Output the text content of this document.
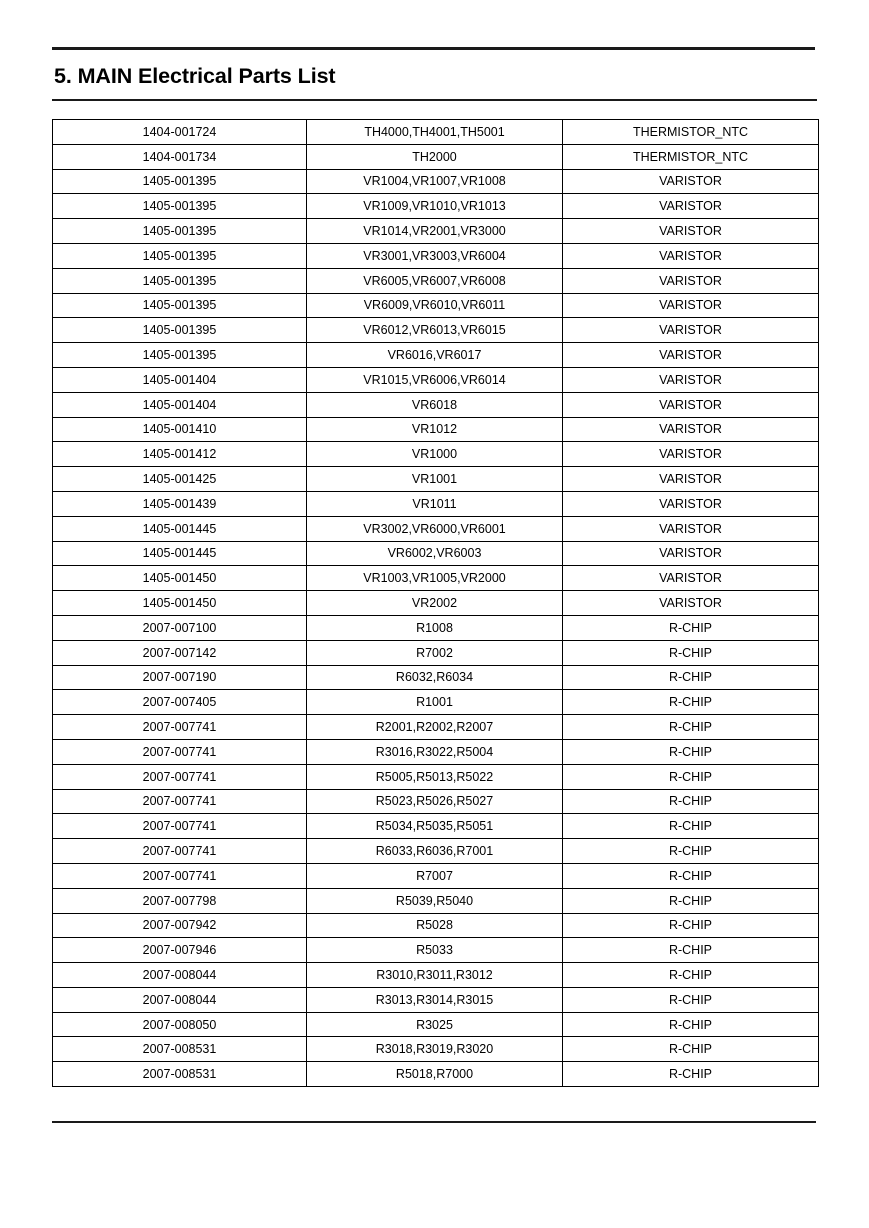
5. MAIN Electrical Parts List
1404-001724	TH4000,TH4001,TH5001	THERMISTOR_NTC
1404-001734	TH2000	THERMISTOR_NTC
1405-001395	VR1004,VR1007,VR1008	VARISTOR
1405-001395	VR1009,VR1010,VR1013	VARISTOR
1405-001395	VR1014,VR2001,VR3000	VARISTOR
1405-001395	VR3001,VR3003,VR6004	VARISTOR
1405-001395	VR6005,VR6007,VR6008	VARISTOR
1405-001395	VR6009,VR6010,VR6011	VARISTOR
1405-001395	VR6012,VR6013,VR6015	VARISTOR
1405-001395	VR6016,VR6017	VARISTOR
1405-001404	VR1015,VR6006,VR6014	VARISTOR
1405-001404	VR6018	VARISTOR
1405-001410	VR1012	VARISTOR
1405-001412	VR1000	VARISTOR
1405-001425	VR1001	VARISTOR
1405-001439	VR1011	VARISTOR
1405-001445	VR3002,VR6000,VR6001	VARISTOR
1405-001445	VR6002,VR6003	VARISTOR
1405-001450	VR1003,VR1005,VR2000	VARISTOR
1405-001450	VR2002	VARISTOR
2007-007100	R1008	R-CHIP
2007-007142	R7002	R-CHIP
2007-007190	R6032,R6034	R-CHIP
2007-007405	R1001	R-CHIP
2007-007741	R2001,R2002,R2007	R-CHIP
2007-007741	R3016,R3022,R5004	R-CHIP
2007-007741	R5005,R5013,R5022	R-CHIP
2007-007741	R5023,R5026,R5027	R-CHIP
2007-007741	R5034,R5035,R5051	R-CHIP
2007-007741	R6033,R6036,R7001	R-CHIP
2007-007741	R7007	R-CHIP
2007-007798	R5039,R5040	R-CHIP
2007-007942	R5028	R-CHIP
2007-007946	R5033	R-CHIP
2007-008044	R3010,R3011,R3012	R-CHIP
2007-008044	R3013,R3014,R3015	R-CHIP
2007-008050	R3025	R-CHIP
2007-008531	R3018,R3019,R3020	R-CHIP
2007-008531	R5018,R7000	R-CHIP
